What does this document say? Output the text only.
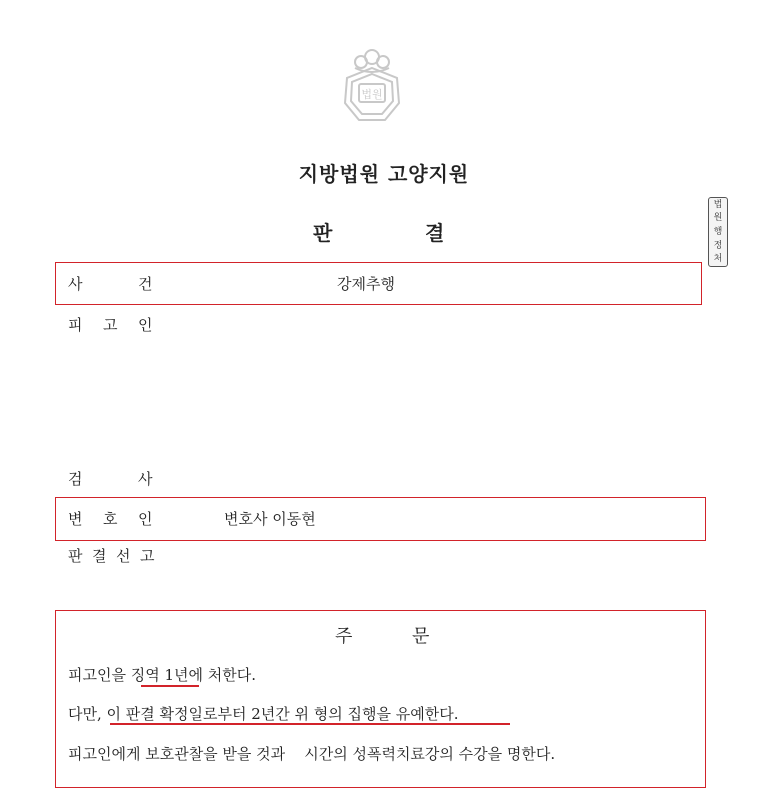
법원
지방법원 고양지원
판	결
법
원
행
정
처
사	건	강제추행
피 고 인
검	사
변 호 인	변호사 이동현
판 결 선 고
주	문
피고인을 징역 1년에 처한다.
다만, 이 판결 확정일로부터 2년간 위 형의 집행을 유예한다.
피고인에게 보호관찰을 받을 것과    시간의 성폭력치료강의 수강을 명한다.
